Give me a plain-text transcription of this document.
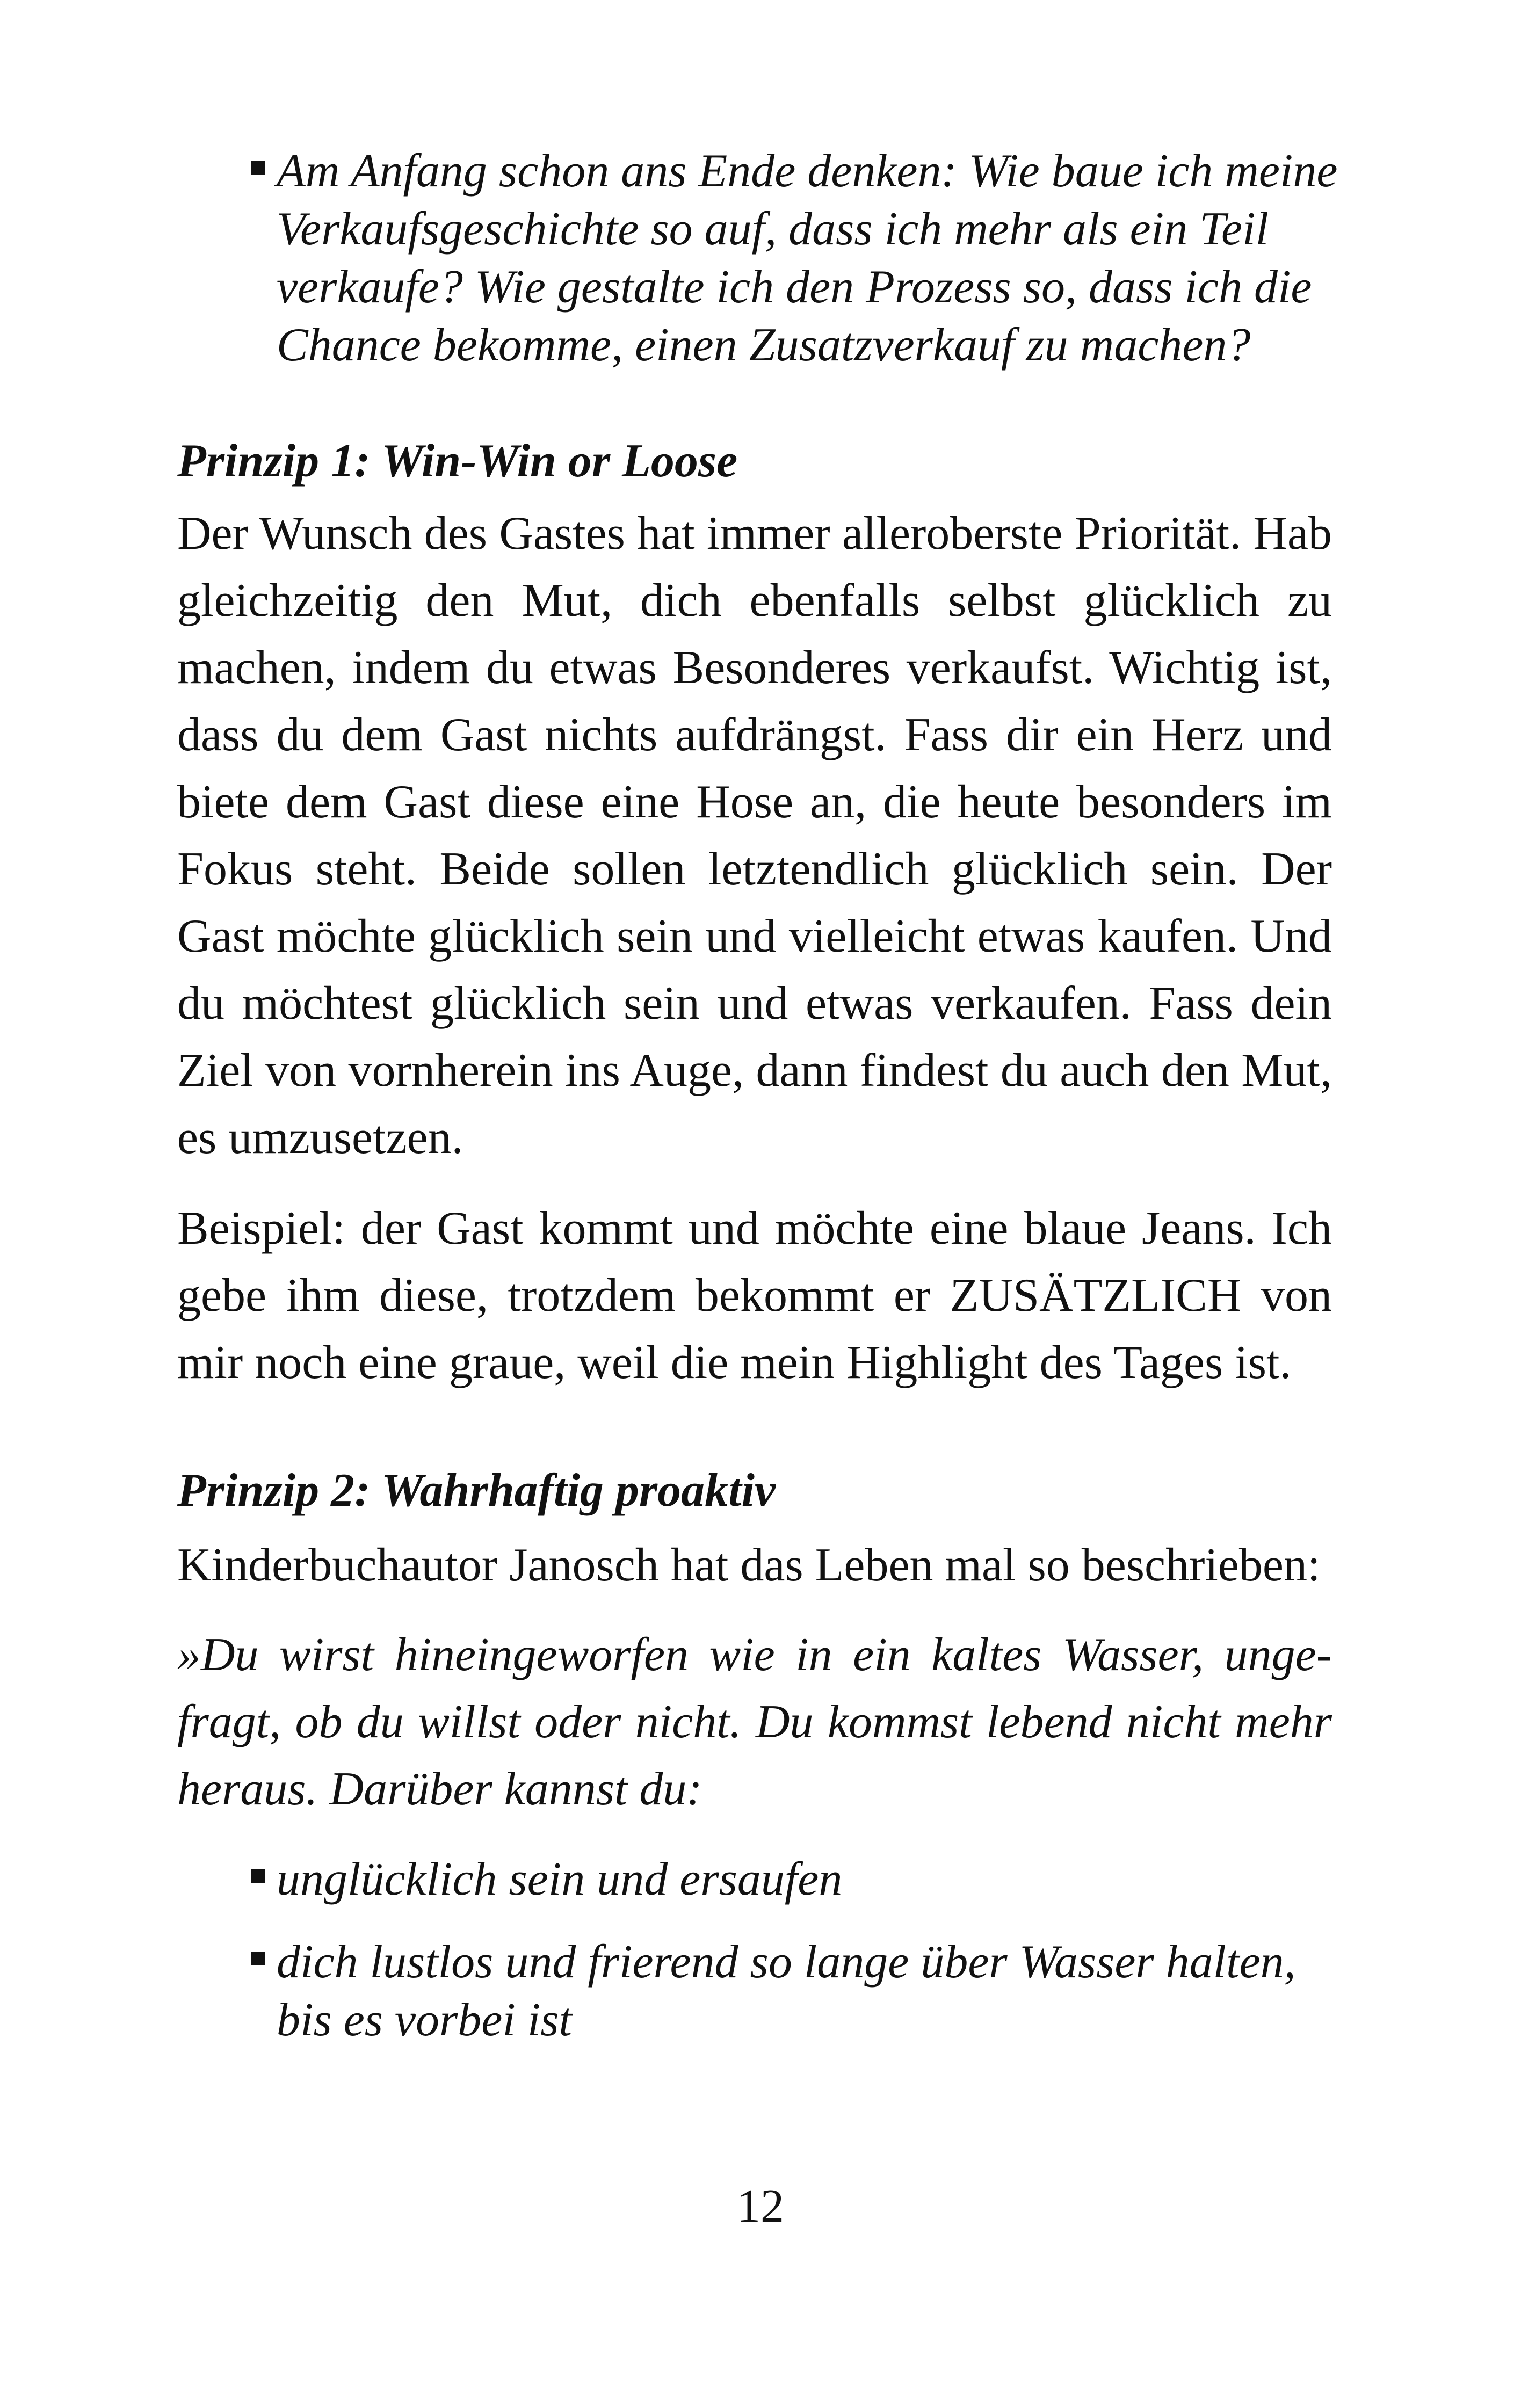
Am Anfang schon ans Ende denken: Wie baue ich meine Verkaufsgeschichte so auf, dass ich mehr als ein Teil verkaufe? Wie gestalte ich den Prozess so, dass ich die Chance bekomme, einen Zusatzverkauf zu machen?
Prinzip 1: Win-Win or Loose

Der Wunsch des Gastes hat immer alleroberste Priorität. Hab gleichzeitig den Mut, dich ebenfalls selbst glücklich zu machen, indem du etwas Besonderes verkaufst. Wichtig ist, dass du dem Gast nichts aufdrängst. Fass dir ein Herz und biete dem Gast diese eine Hose an, die heute besonders im Fokus steht. Beide sollen letztendlich glücklich sein. Der Gast möchte glücklich sein und vielleicht etwas kaufen. Und du möchtest glücklich sein und etwas verkaufen. Fass dein Ziel von vornherein ins Auge, dann findest du auch den Mut, es umzusetzen.

Beispiel: der Gast kommt und möchte eine blaue Jeans. Ich gebe ihm diese, trotzdem bekommt er ZUSÄTZLICH von mir noch eine graue, weil die mein Highlight des Tages ist.

Prinzip 2: Wahrhaftig proaktiv

Kinderbuchautor Janosch hat das Leben mal so beschrieben:

»Du wirst hineingeworfen wie in ein kaltes Wasser, ungefragt, ob du willst oder nicht. Du kommst lebend nicht mehr heraus. Darüber kannst du:

unglücklich sein und ersaufen
dich lustlos und frierend so lange über Wasser halten, bis es vorbei ist
12
